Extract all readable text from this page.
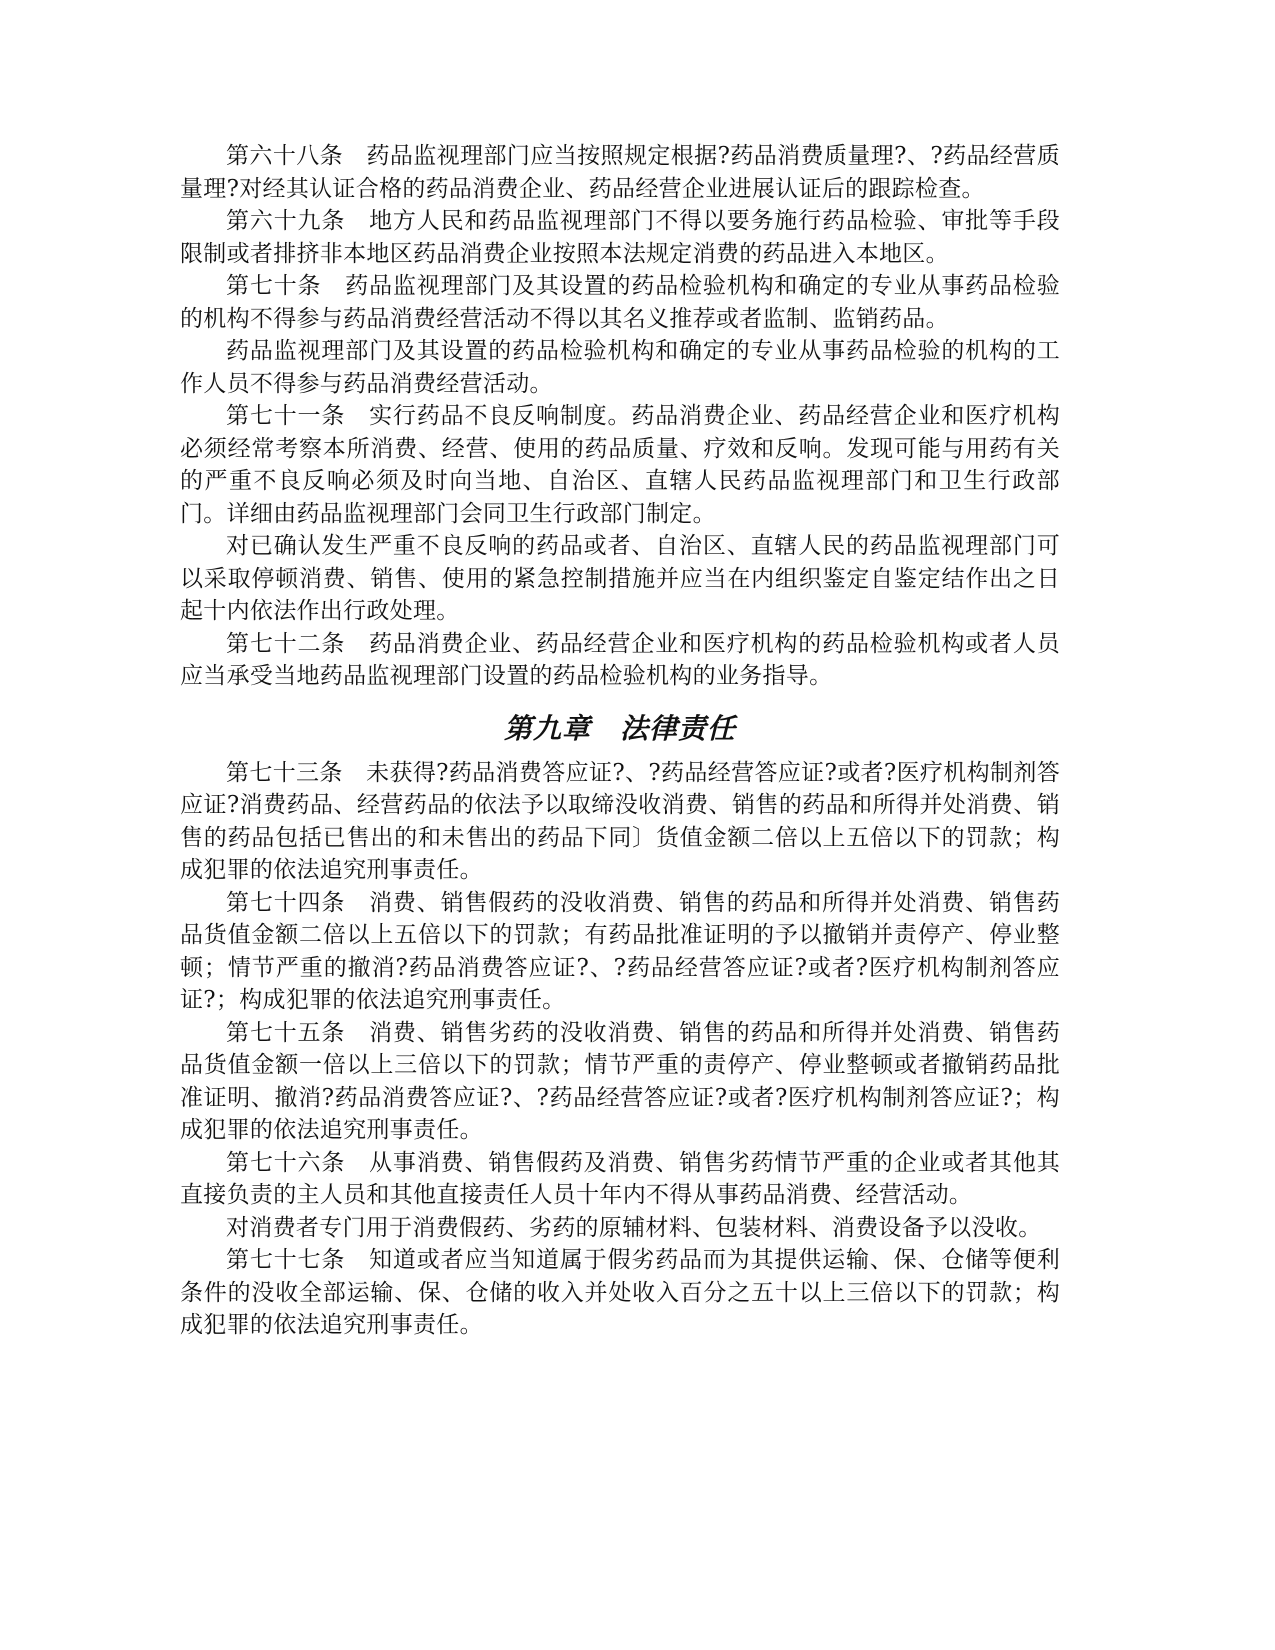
第六十八条　药品监视理部门应当按照规定根据?药品消费质量理?、?药品经营质量理?对经其认证合格的药品消费企业、药品经营企业进展认证后的跟踪检查。

第六十九条　地方人民和药品监视理部门不得以要务施行药品检验、审批等手段限制或者排挤非本地区药品消费企业按照本法规定消费的药品进入本地区。

第七十条　药品监视理部门及其设置的药品检验机构和确定的专业从事药品检验的机构不得参与药品消费经营活动不得以其名义推荐或者监制、监销药品。

药品监视理部门及其设置的药品检验机构和确定的专业从事药品检验的机构的工作人员不得参与药品消费经营活动。

第七十一条　实行药品不良反响制度。药品消费企业、药品经营企业和医疗机构必须经常考察本所消费、经营、使用的药品质量、疗效和反响。发现可能与用药有关的严重不良反响必须及时向当地、自治区、直辖人民药品监视理部门和卫生行政部门。详细由药品监视理部门会同卫生行政部门制定。

对已确认发生严重不良反响的药品或者、自治区、直辖人民的药品监视理部门可以采取停顿消费、销售、使用的紧急控制措施并应当在内组织鉴定自鉴定结作出之日起十内依法作出行政处理。

第七十二条　药品消费企业、药品经营企业和医疗机构的药品检验机构或者人员应当承受当地药品监视理部门设置的药品检验机构的业务指导。

第九章　法律责任

第七十三条　未获得?药品消费答应证?、?药品经营答应证?或者?医疗机构制剂答应证?消费药品、经营药品的依法予以取缔没收消费、销售的药品和所得并处消费、销售的药品包括已售出的和未售出的药品下同〕货值金额二倍以上五倍以下的罚款；构成犯罪的依法追究刑事责任。

第七十四条　消费、销售假药的没收消费、销售的药品和所得并处消费、销售药品货值金额二倍以上五倍以下的罚款；有药品批准证明的予以撤销并责停产、停业整顿；情节严重的撤消?药品消费答应证?、?药品经营答应证?或者?医疗机构制剂答应证?；构成犯罪的依法追究刑事责任。

第七十五条　消费、销售劣药的没收消费、销售的药品和所得并处消费、销售药品货值金额一倍以上三倍以下的罚款；情节严重的责停产、停业整顿或者撤销药品批准证明、撤消?药品消费答应证?、?药品经营答应证?或者?医疗机构制剂答应证?；构成犯罪的依法追究刑事责任。

第七十六条　从事消费、销售假药及消费、销售劣药情节严重的企业或者其他其直接负责的主人员和其他直接责任人员十年内不得从事药品消费、经营活动。

对消费者专门用于消费假药、劣药的原辅材料、包装材料、消费设备予以没收。

第七十七条　知道或者应当知道属于假劣药品而为其提供运输、保、仓储等便利条件的没收全部运输、保、仓储的收入并处收入百分之五十以上三倍以下的罚款；构成犯罪的依法追究刑事责任。
